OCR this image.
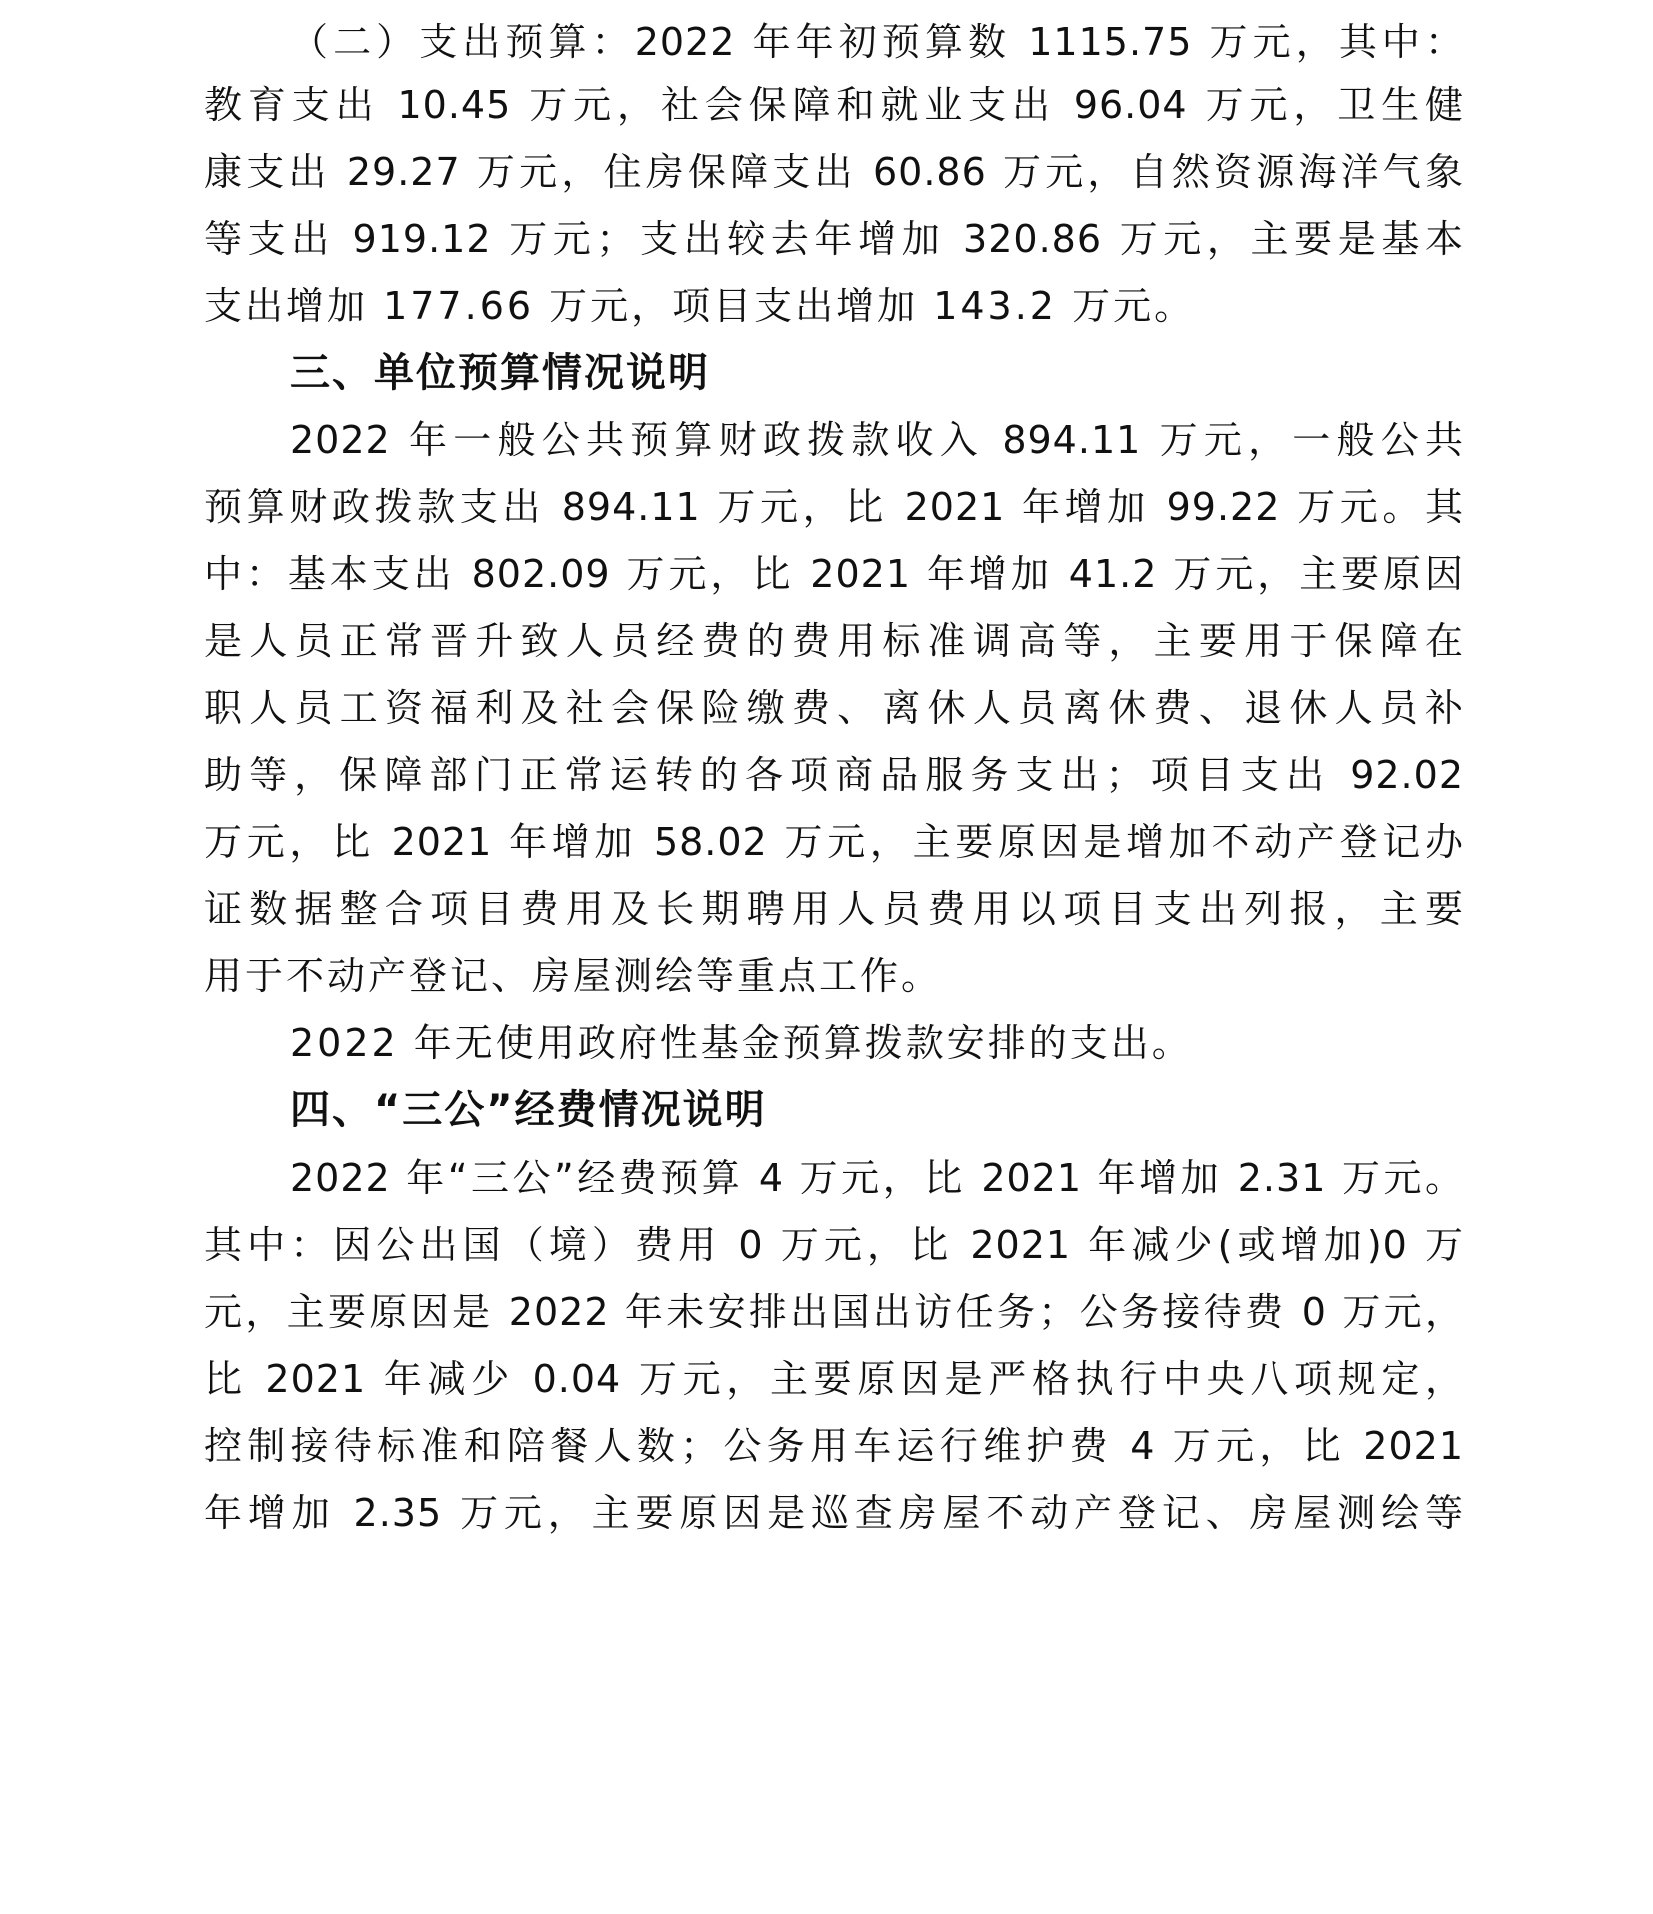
（二）支出预算：2022 年年初预算数 1115.75 万元，其中：
教育支出 10.45 万元，社会保障和就业支出 96.04 万元，卫生健
康支出 29.27 万元，住房保障支出 60.86 万元，自然资源海洋气象
等支出 919.12 万元；支出较去年增加 320.86 万元，主要是基本
支出增加 177.66 万元，项目支出增加 143.2 万元。
三、单位预算情况说明
2022 年一般公共预算财政拨款收入 894.11 万元，一般公共
预算财政拨款支出 894.11 万元，比 2021 年增加 99.22 万元。其
中：基本支出 802.09 万元，比 2021 年增加 41.2 万元，主要原因
是人员正常晋升致人员经费的费用标准调高等，主要用于保障在
职人员工资福利及社会保险缴费、离休人员离休费、退休人员补
助等，保障部门正常运转的各项商品服务支出；项目支出 92.02
万元，比 2021 年增加 58.02 万元，主要原因是增加不动产登记办
证数据整合项目费用及长期聘用人员费用以项目支出列报，主要
用于不动产登记、房屋测绘等重点工作。
2022 年无使用政府性基金预算拨款安排的支出。
四、“三公”经费情况说明
2022 年“三公”经费预算 4 万元，比 2021 年增加 2.31 万元。
其中：因公出国（境）费用 0 万元，比 2021 年减少(或增加)0 万
元，主要原因是 2022 年未安排出国出访任务；公务接待费 0 万元，
比 2021 年减少 0.04 万元，主要原因是严格执行中央八项规定，
控制接待标准和陪餐人数；公务用车运行维护费 4 万元，比 2021
年增加 2.35 万元，主要原因是巡查房屋不动产登记、房屋测绘等
